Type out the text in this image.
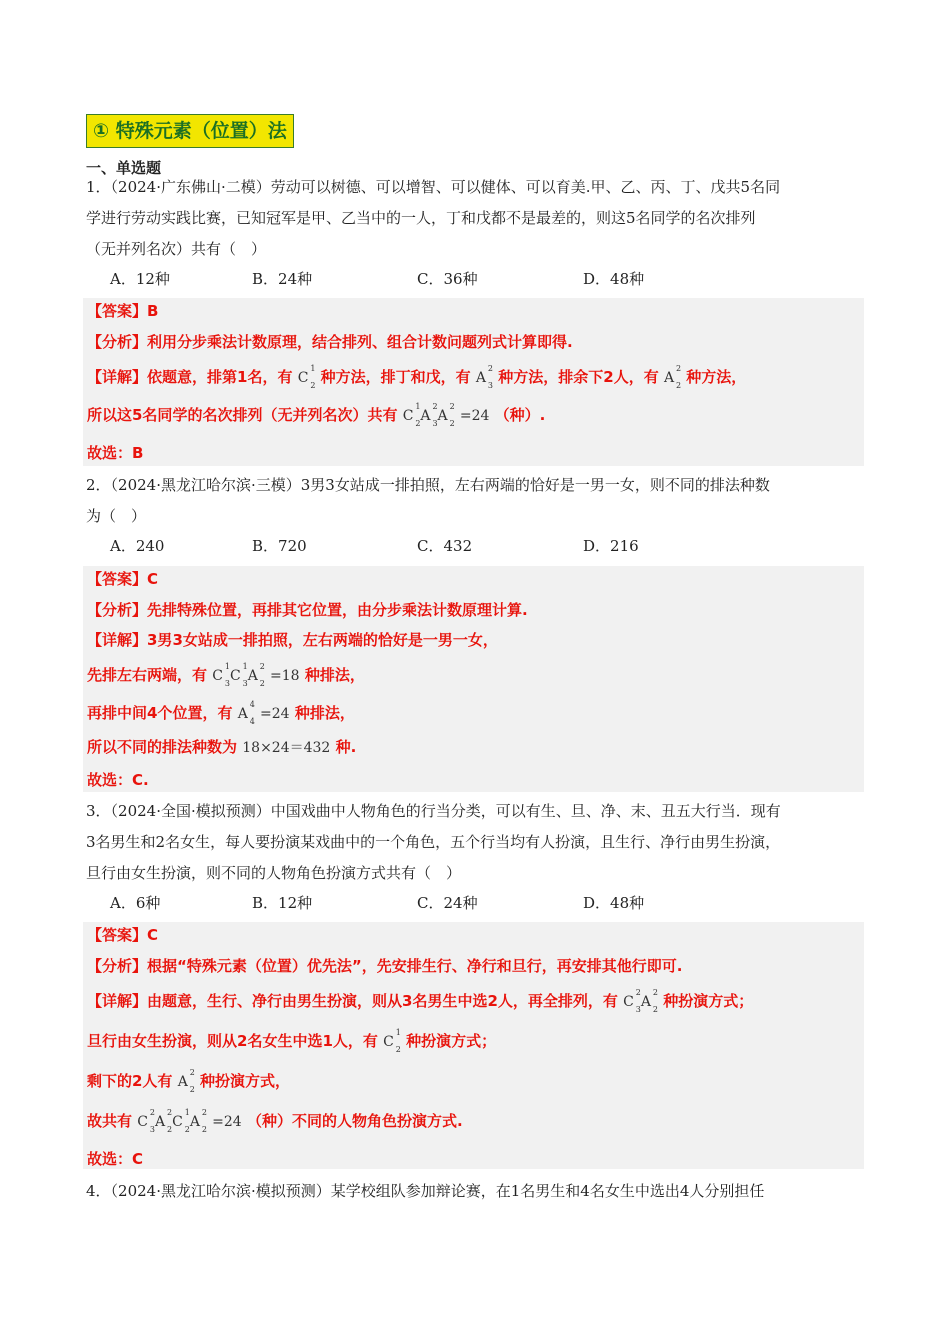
① 特殊元素（位置）法
一、单选题

1．（2024·广东佛山·二模）劳动可以树德、可以增智、可以健体、可以育美.甲、乙、丙、丁、戊共5名同

学进行劳动实践比赛，已知冠军是甲、乙当中的一人，丁和戊都不是最差的，则这5名同学的名次排列

（无并列名次）共有（　）

A．12种	B．24种	C．36种	D．48种
【答案】B
【分析】利用分步乘法计数原理，结合排列、组合计数问题列式计算即得.
【详解】依题意，排第1名，有 C
1
2 种方法，排丁和戊，有 A
2
3 种方法，排余下2人，有 A
2
2 种方法，
所以这5名同学的名次排列（无并列名次）共有 C
1
2 A
2
3 A
2
2 =24 （种）.
故选：B

2．（2024·黑龙江哈尔滨·三模）3男3女站成一排拍照，左右两端的恰好是一男一女，则不同的排法种数

为（　）

A．240	B．720	C．432	D．216
【答案】C
【分析】先排特殊位置，再排其它位置，由分步乘法计数原理计算.
【详解】3男3女站成一排拍照，左右两端的恰好是一男一女，
先排左右两端，有 C
1
3 C
1
3 A
2
2 =18 种排法，
再排中间4个位置，有 A
4
4 =24 种排法，
所以不同的排法种数为 18×24＝432 种.
故选：C.

3．（2024·全国·模拟预测）中国戏曲中人物角色的行当分类，可以有生、旦、净、末、丑五大行当．现有

3名男生和2名女生，每人要扮演某戏曲中的一个角色，五个行当均有人扮演，且生行、净行由男生扮演，

旦行由女生扮演，则不同的人物角色扮演方式共有（　）

A．6种	B．12种	C．24种	D．48种
【答案】C
【分析】根据“特殊元素（位置）优先法”，先安排生行、净行和旦行，再安排其他行即可.
【详解】由题意，生行、净行由男生扮演，则从3名男生中选2人，再全排列，有 C
2
3 A
2
2 种扮演方式；
旦行由女生扮演，则从2名女生中选1人，有 C
1
2 种扮演方式；
剩下的2人有 A
2
2 种扮演方式，
故共有 C
2
3 A
2
2 C
1
2 A
2
2 =24 （种）不同的人物角色扮演方式.
故选：C

4．（2024·黑龙江哈尔滨·模拟预测）某学校组队参加辩论赛，在1名男生和4名女生中选出4人分别担任
